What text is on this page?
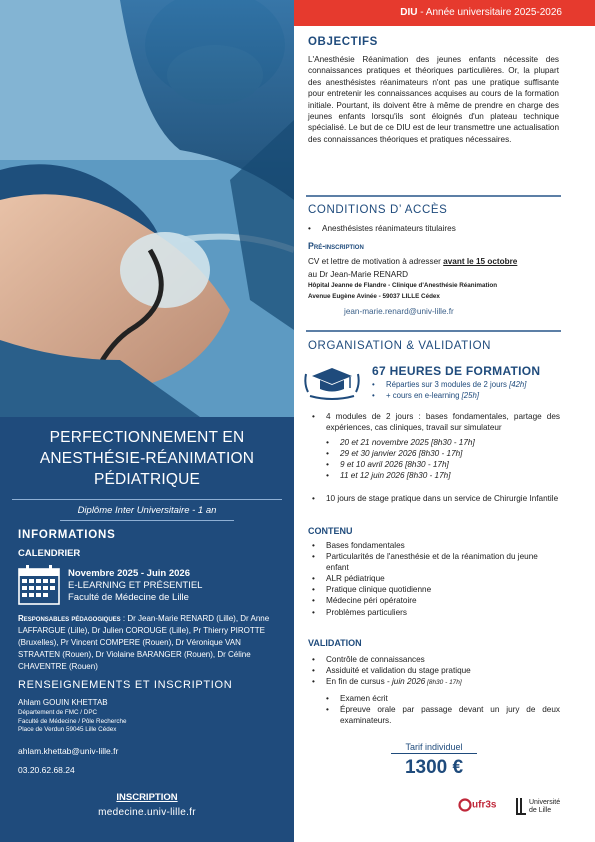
PERFECTIONNEMENT EN
ANESTHÉSIE-RÉANIMATION
PÉDIATRIQUE
Diplôme Inter Universitaire - 1 an
INFORMATIONS
CALENDRIER
Novembre 2025 - Juin 2026
E-LEARNING ET PRÉSENTIEL
Faculté de Médecine de Lille
Responsables pédagogiques : Dr Jean-Marie RENARD (Lille), Dr Anne LAFFARGUE (Lille), Dr Julien COROUGE (Lille), Pr Thierry PIROTTE (Bruxelles), Pr Vincent COMPERE (Rouen), Dr Véronique VAN STRAATEN (Rouen), Dr Violaine BARANGER (Rouen), Dr Céline CHAVENTRE (Rouen)
RENSEIGNEMENTS ET INSCRIPTION
Ahlam GOUIN KHETTAB
Département de FMC / DPC
Faculté de Médecine / Pôle Recherche
Place de Verdun 59045 Lille Cédex
ahlam.khettab@univ-lille.fr
03.20.62.68.24
INSCRIPTION
medecine.univ-lille.fr
DIU - Année universitaire 2025-2026
OBJECTIFS
L'Anesthésie Réanimation des jeunes enfants nécessite des connaissances pratiques et théoriques particulières. Or, la plupart des anesthésistes réanimateurs n'ont pas une pratique suffisante pour entretenir les connaissances acquises au cours de la formation initiale. Pourtant, ils doivent être à même de prendre en charge des jeunes enfants lorsqu'ils sont éloignés d'un plateau technique spécialisé. Le but de ce DIU est de leur transmettre une actualisation des connaissances théoriques et pratiques nécessaires.
CONDITIONS D’ ACCÈS
• Anesthésistes réanimateurs titulaires
Pré-inscription
CV et lettre de motivation à adresser avant le 15 octobre
au Dr Jean-Marie RENARD
Hôpital Jeanne de Flandre - Clinique d'Anesthésie Réanimation
Avenue Eugène Avinée - 59037 LILLE Cédex
jean-marie.renard@univ-lille.fr
ORGANISATION & VALIDATION
67 HEURES DE FORMATION
• Réparties sur 3 modules de 2 jours [42h]
• + cours en e-learning [25h]
• 4 modules de 2 jours : bases fondamentales, partage des expériences, cas cliniques, travail sur simulateur
• 20 et 21 novembre 2025 [8h30 - 17h]
• 29 et 30 janvier 2026 [8h30 - 17h]
• 9 et 10 avril 2026 [8h30 - 17h]
• 11 et 12 juin 2026 [8h30 - 17h]
• 10 jours de stage pratique dans un service de Chirurgie Infantile
CONTENU
• Bases fondamentales
• Particularités de l'anesthésie et de la réanimation du jeune enfant
• ALR pédiatrique
• Pratique clinique quotidienne
• Médecine péri opératoire
• Problèmes particuliers
VALIDATION
• Contrôle de connaissances
• Assiduité et validation du stage pratique
• En fin de cursus - juin 2026 [8h30 - 17h]
• Examen écrit
• Épreuve orale par passage devant un jury de deux examinateurs.
Tarif individuel
1300 €
ufr3s	Université
de Lille
